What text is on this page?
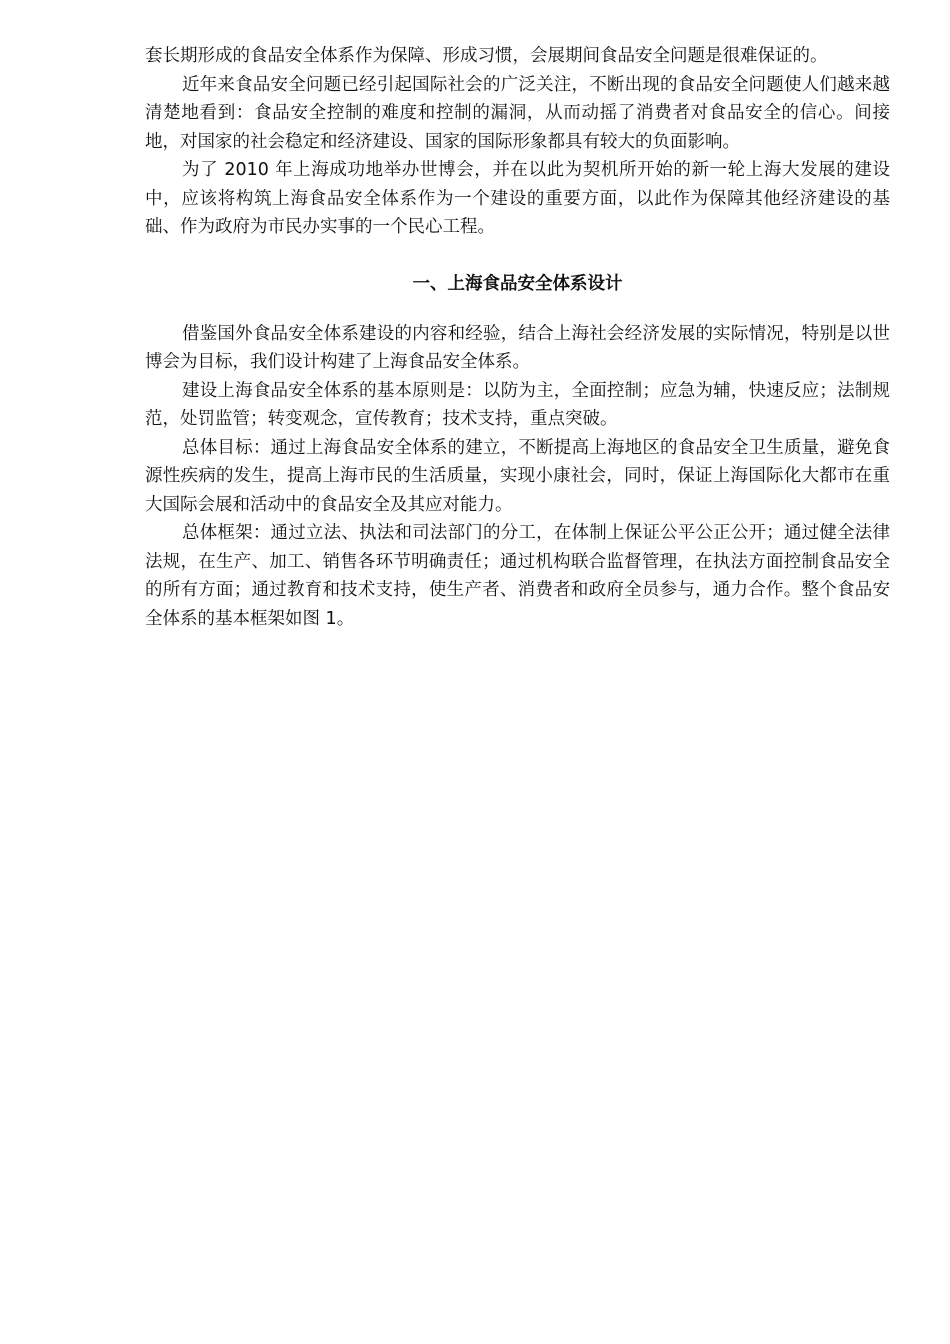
套长期形成的食品安全体系作为保障、形成习惯，会展期间食品安全问题是很难保证的。

近年来食品安全问题已经引起国际社会的广泛关注，不断出现的食品安全问题使人们越来越清楚地看到：食品安全控制的难度和控制的漏洞，从而动摇了消费者对食品安全的信心。间接地，对国家的社会稳定和经济建设、国家的国际形象都具有较大的负面影响。

为了 2010 年上海成功地举办世博会，并在以此为契机所开始的新一轮上海大发展的建设中，应该将构筑上海食品安全体系作为一个建设的重要方面，以此作为保障其他经济建设的基础、作为政府为市民办实事的一个民心工程。

一、上海食品安全体系设计

借鉴国外食品安全体系建设的内容和经验，结合上海社会经济发展的实际情况，特别是以世博会为目标，我们设计构建了上海食品安全体系。

建设上海食品安全体系的基本原则是：以防为主，全面控制；应急为辅，快速反应；法制规范，处罚监管；转变观念，宣传教育；技术支持，重点突破。

总体目标：通过上海食品安全体系的建立，不断提高上海地区的食品安全卫生质量，避免食源性疾病的发生，提高上海市民的生活质量，实现小康社会，同时，保证上海国际化大都市在重大国际会展和活动中的食品安全及其应对能力。

总体框架：通过立法、执法和司法部门的分工，在体制上保证公平公正公开；通过健全法律法规，在生产、加工、销售各环节明确责任；通过机构联合监督管理，在执法方面控制食品安全的所有方面；通过教育和技术支持，使生产者、消费者和政府全员参与，通力合作。整个食品安全体系的基本框架如图 1。
